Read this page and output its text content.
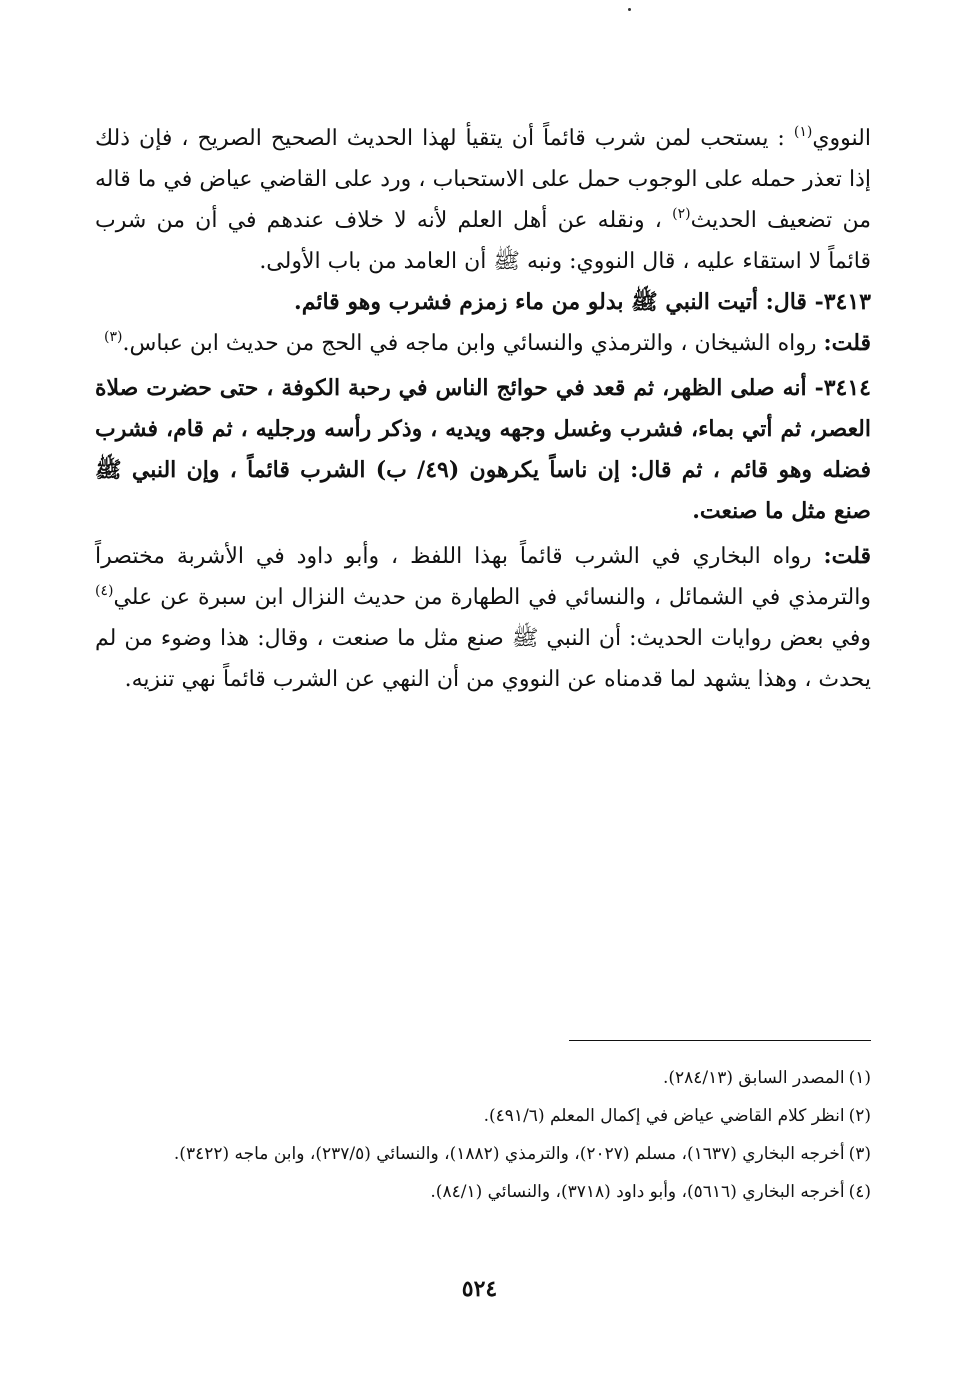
النووي$^{(١)}$ : يستحب لمن شرب قائماً أن يتقيأ لهذا الحديث الصحيح الصريح ، فإن ذلك إذا تعذر حمله على الوجوب حمل على الاستحباب ، ورد على القاضي عياض في ما قاله من تضعيف الحديث$^{(٢)}$ ، ونقله عن أهل العلم لأنه لا خلاف عندهم في أن من شرب قائماً لا استقاء عليه ، قال النووي: ونبه ﷺ أن العامد من باب الأولى.

٣٤١٣- قال: أتيت النبي ﷺ بدلو من ماء زمزم فشرب وهو قائم.

قلت: رواه الشيخان ، والترمذي والنسائي وابن ماجه في الحج من حديث ابن عباس.$^{(٣)}$

٣٤١٤- أنه صلى الظهر، ثم قعد في حوائج الناس في رحبة الكوفة ، حتى حضرت صلاة العصر، ثم أتي بماء، فشرب وغسل وجهه ويديه ، وذكر رأسه ورجليه ، ثم قام، فشرب فضله وهو قائم ، ثم قال: إن ناساً يكرهون (٤٩/ ب) الشرب قائماً ، وإن النبي ﷺ صنع مثل ما صنعت.

قلت: رواه البخاري في الشرب قائماً بهذا اللفظ ، وأبو داود في الأشربة مختصراً والترمذي في الشمائل ، والنسائي في الطهارة من حديث النزال ابن سبرة عن علي$^{(٤)}$ وفي بعض روايات الحديث: أن النبي ﷺ صنع مثل ما صنعت ، وقال: هذا وضوء من لم يحدث ، وهذا يشهد لما قدمناه عن النووي من أن النهي عن الشرب قائماً نهي تنزيه.

(١)المصدر السابق (٢٨٤/١٣).

(٢)انظر كلام القاضي عياض في إكمال المعلم (٤٩١/٦).

(٣)أخرجه البخاري (١٦٣٧)، مسلم (٢٠٢٧)، والترمذي (١٨٨٢)، والنسائي (٢٣٧/٥)، وابن ماجه (٣٤٢٢).

(٤)أخرجه البخاري (٥٦١٦)، وأبو داود (٣٧١٨)، والنسائي (٨٤/١).

٥٢٤
